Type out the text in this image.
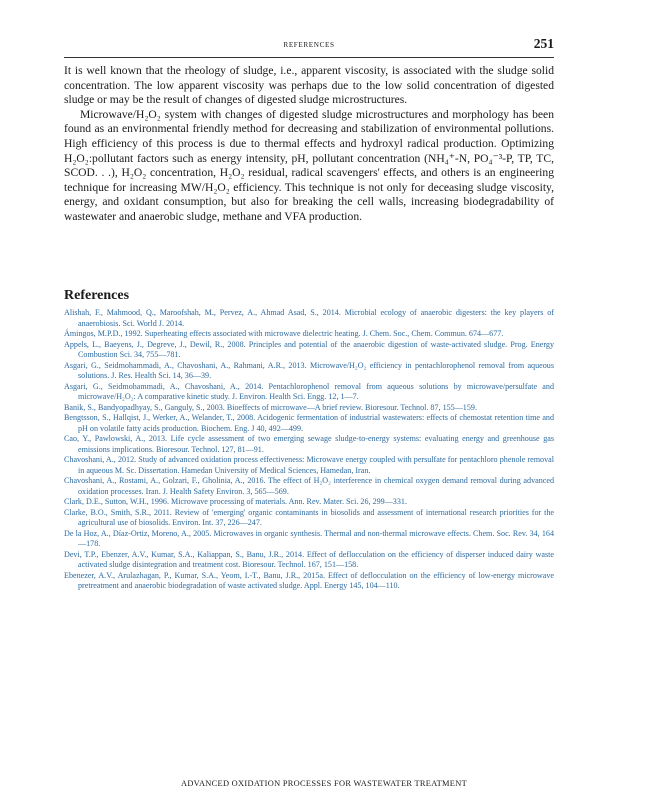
REFERENCES	251

It is well known that the rheology of sludge, i.e., apparent viscosity, is associated with the sludge solid concentration. The low apparent viscosity was perhaps due to the low solid concentration of digested sludge or may be the result of changes of digested sludge microstructures.

Microwave/H₂O₂ system with changes of digested sludge microstructures and morphology has been found as an environmental friendly method for decreasing and stabilization of environmental pollutions. High efficiency of this process is due to thermal effects and hydroxyl radical production. Optimizing H₂O₂:pollutant factors such as energy intensity, pH, pollutant concentration (NH₄⁺-N, PO₄⁻³-P, TP, TC, SCOD. . .), H₂O₂ concentration, H₂O₂ residual, radical scavengers' effects, and others is an engineering technique for increasing MW/H₂O₂ efficiency. This technique is not only for deceasing sludge viscosity, energy, and oxidant consumption, but also for breaking the cell walls, increasing biodegradability of wastewater and anaerobic sludge, methane and VFA production.

References
Alishah, F., Mahmood, Q., Maroofshah, M., Pervez, A., Ahmad Asad, S., 2014. Microbial ecology of anaerobic digesters: the key players of anaerobiosis. Sci. World J. 2014.
Ámingos, M.P.D., 1992. Superheating effects associated with microwave dielectric heating. J. Chem. Soc., Chem. Commun. 674—677.
Appels, L., Baeyens, J., Degreve, J., Dewil, R., 2008. Principles and potential of the anaerobic digestion of waste-activated sludge. Prog. Energy Combustion Sci. 34, 755—781.
Asgari, G., Seidmohammadi, A., Chavoshani, A., Rahmani, A.R., 2013. Microwave/H₂O₂ efficiency in pentachlorophenol removal from aqueous solutions. J. Res. Health Sci. 14, 36—39.
Asgari, G., Seidmohammadi, A., Chavoshani, A., 2014. Pentachlorophenol removal from aqueous solutions by microwave/persulfate and microwave/H₂O₂: A comparative kinetic study. J. Environ. Health Sci. Engg. 12, 1—7.
Banik, S., Bandyopadhyay, S., Ganguly, S., 2003. Bioeffects of microwave—A brief review. Bioresour. Technol. 87, 155—159.
Bengtsson, S., Hallqist, J., Werker, A., Welander, T., 2008. Acidogenic fermentation of industrial wastewaters: effects of chemostat retention time and pH on volatile fatty acids production. Biochem. Eng. J 40, 492—499.
Cao, Y., Pawlowski, A., 2013. Life cycle assessment of two emerging sewage sludge-to-energy systems: evaluating energy and greenhouse gas emissions implications. Bioresour. Technol. 127, 81—91.
Chavoshani, A., 2012. Study of advanced oxidation process effectiveness: Microwave energy coupled with persulfate for pentachloro phenole removal in aqueous M. Sc. Dissertation. Hamedan University of Medical Sciences, Hamedan, Iran.
Chavoshani, A., Rostami, A., Golzari, F., Gholinia, A., 2016. The effect of H₂O₂ interference in chemical oxygen demand removal during advanced oxidation processes. Iran. J. Health Safety Environ. 3, 565—569.
Clark, D.E., Sutton, W.H., 1996. Microwave processing of materials. Ann. Rev. Mater. Sci. 26, 299—331.
Clarke, B.O., Smith, S.R., 2011. Review of 'emerging' organic contaminants in biosolids and assessment of international research priorities for the agricultural use of biosolids. Environ. Int. 37, 226—247.
De la Hoz, A., Díaz-Ortiz, Moreno, A., 2005. Microwaves in organic synthesis. Thermal and non-thermal microwave effects. Chem. Soc. Rev. 34, 164—178.
Devi, T.P., Ebenzer, A.V., Kumar, S.A., Kaliappan, S., Banu, J.R., 2014. Effect of deflocculation on the efficiency of disperser induced dairy waste activated sludge disintegration and treatment cost. Bioresour. Technol. 167, 151—158.
Ebenezer, A.V., Arulazhagan, P., Kumar, S.A., Yeom, I.-T., Banu, J.R., 2015a. Effect of deflocculation on the efficiency of low-energy microwave pretreatment and anaerobic biodegradation of waste activated sludge. Appl. Energy 145, 104—110.
ADVANCED OXIDATION PROCESSES FOR WASTEWATER TREATMENT
